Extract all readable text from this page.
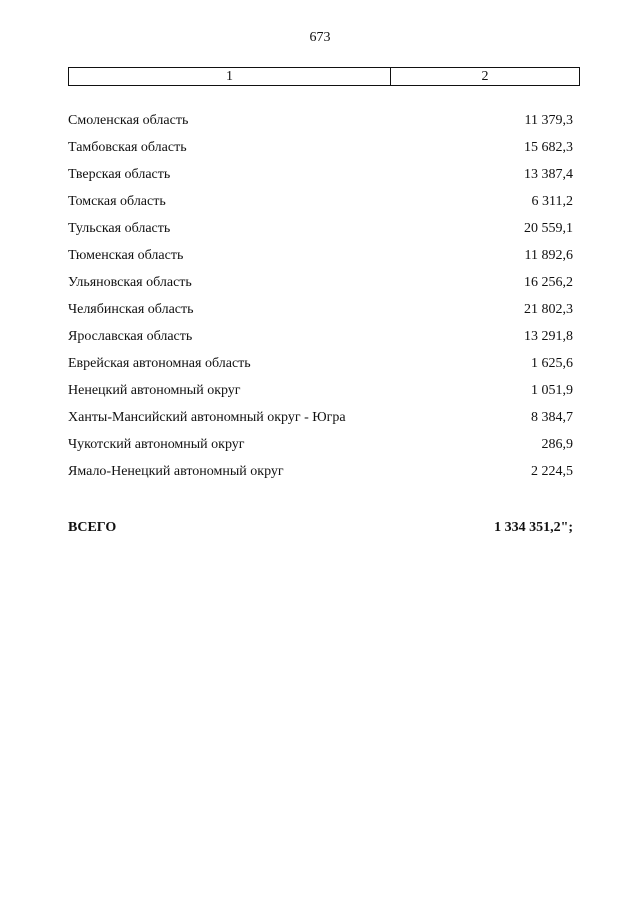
673
1	2
Смоленская область	11 379,3
Тамбовская область	15 682,3
Тверская область	13 387,4
Томская область	6 311,2
Тульская область	20 559,1
Тюменская область	11 892,6
Ульяновская область	16 256,2
Челябинская область	21 802,3
Ярославская область	13 291,8
Еврейская автономная область	1 625,6
Ненецкий автономный округ	1 051,9
Ханты-Мансийский автономный округ - Югра	8 384,7
Чукотский автономный округ	286,9
Ямало-Ненецкий автономный округ	2 224,5
ВСЕГО	1 334 351,2";
